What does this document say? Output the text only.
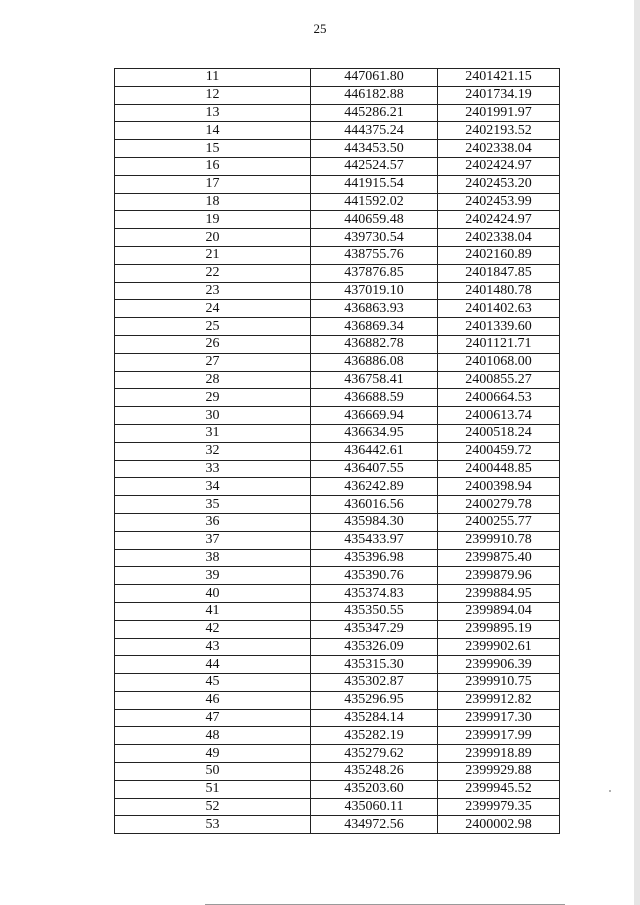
25
11	447061.80	2401421.15
12	446182.88	2401734.19
13	445286.21	2401991.97
14	444375.24	2402193.52
15	443453.50	2402338.04
16	442524.57	2402424.97
17	441915.54	2402453.20
18	441592.02	2402453.99
19	440659.48	2402424.97
20	439730.54	2402338.04
21	438755.76	2402160.89
22	437876.85	2401847.85
23	437019.10	2401480.78
24	436863.93	2401402.63
25	436869.34	2401339.60
26	436882.78	2401121.71
27	436886.08	2401068.00
28	436758.41	2400855.27
29	436688.59	2400664.53
30	436669.94	2400613.74
31	436634.95	2400518.24
32	436442.61	2400459.72
33	436407.55	2400448.85
34	436242.89	2400398.94
35	436016.56	2400279.78
36	435984.30	2400255.77
37	435433.97	2399910.78
38	435396.98	2399875.40
39	435390.76	2399879.96
40	435374.83	2399884.95
41	435350.55	2399894.04
42	435347.29	2399895.19
43	435326.09	2399902.61
44	435315.30	2399906.39
45	435302.87	2399910.75
46	435296.95	2399912.82
47	435284.14	2399917.30
48	435282.19	2399917.99
49	435279.62	2399918.89
50	435248.26	2399929.88
51	435203.60	2399945.52
52	435060.11	2399979.35
53	434972.56	2400002.98
